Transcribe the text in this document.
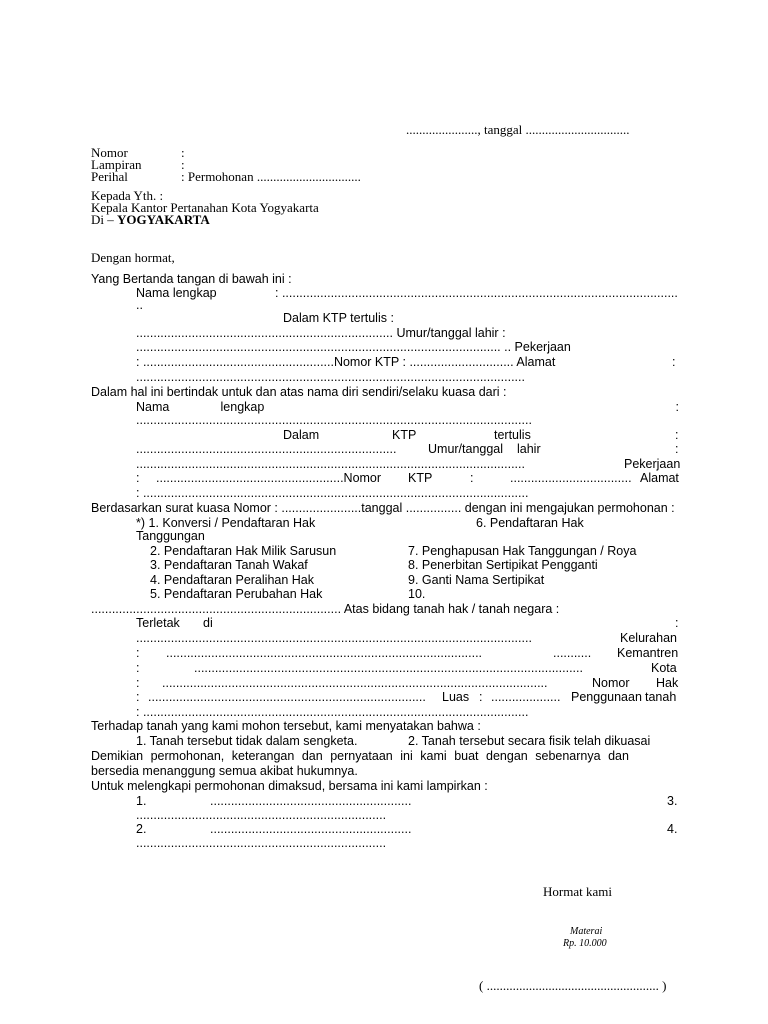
......................, tanggal ................................
Nomor	:
Lampiran	:
Perihal	: Permohonan ................................
Kepada Yth. :
Kepala Kantor Pertanahan Kota Yogyakarta
Di – YOGYAKARTA
Dengan hormat,
Yang Bertanda tangan di bawah ini :
Nama lengkap	: ..................................................................................................................
..
Dalam KTP tertulis :
.......................................................................... Umur/tanggal lahir :
......................................................................................................... .. Pekerjaan
: .......................................................Nomor KTP : .............................. Alamat	:
................................................................................................................
Dalam hal ini bertindak untuk dan atas nama diri sendiri/selaku kuasa dari :
Nama	lengkap	:
..................................................................................................................
Dalam	KTP	tertulis	:
...........................................................................	Umur/tanggal lahir	:
................................................................................................................	Pekerjaan
: ......................................................Nomor KTP	:	................................... Alamat
: ...............................................................................................................
Berdasarkan surat kuasa Nomor : .......................tanggal ................ dengan ini mengajukan permohonan :
*) 1. Konversi / Pendaftaran Hak	6. Pendaftaran Hak
Tanggungan
2. Pendaftaran Hak Milik Sarusun	7. Penghapusan Hak Tanggungan / Roya
3. Pendaftaran Tanah Wakaf	8. Penerbitan Sertipikat Pengganti
4. Pendaftaran Peralihan Hak	9. Ganti Nama Sertipikat
5. Pendaftaran Perubahan Hak	10.
........................................................................ Atas bidang tanah hak / tanah negara :
Terletak di	:
..................................................................................................................	Kelurahan
: ...........................................................................................	........... Kemantren
:	................................................................................................................	Kota
: ...............................................................................................................	Nomor Hak
: ................................................................................ Luas : .................... Penggunaan tanah
: ...............................................................................................................
Terhadap tanah yang kami mohon tersebut, kami menyatakan bahwa :
1. Tanah tersebut tidak dalam sengketa.	2. Tanah tersebut secara fisik telah dikuasai
Demikian permohonan, keterangan dan pernyataan ini kami buat dengan sebenarnya dan
bersedia menanggung semua akibat hukumnya.
Untuk melengkapi permohonan dimaksud, bersama ini kami lampirkan :
1.	..........................................................	3.
........................................................................
2.	..........................................................	4.
........................................................................
Hormat kami
Materai
Rp. 10.000
( ..................................................... )
